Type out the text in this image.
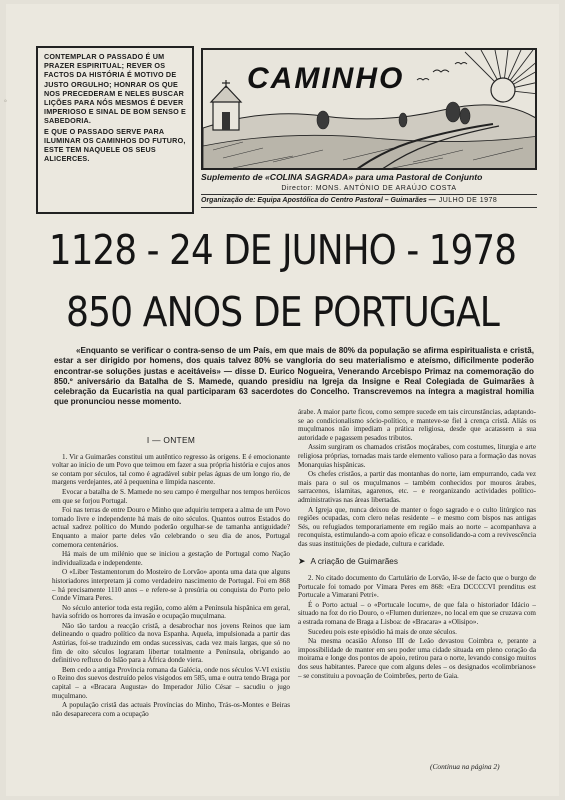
˚

CONTEMPLAR O PASSADO É UM PRAZER ESPIRITUAL; REVER OS FACTOS DA HISTÓRIA É MOTIVO DE JUSTO ORGULHO; HONRAR OS QUE NOS PRECEDERAM E NELES BUSCAR LIÇÕES PARA NÓS MESMOS É DEVER IMPERIOSO E SINAL DE BOM SENSO E SABEDORIA.

E QUE O PASSADO SERVE PARA ILUMINAR OS CAMINHOS DO FUTURO, ESTE TEM NAQUELE OS SEUS ALICERCES.

CAMINHO
Suplemento de «COLINA SAGRADA» para uma Pastoral de Conjunto
Director: MONS. ANTÓNIO DE ARAÚJO COSTA
Organização de: Equipa Apostólica do Centro Pastoral – Guimarães — JULHO DE 1978
1128 - 24 DE JUNHO - 1978
850 ANOS DE PORTUGAL
«Enquanto se verificar o contra-senso de um País, em que mais de 80% da população se afirma espiritualista e cristã, estar a ser dirigido por homens, dos quais talvez 80% se vangloria do seu materialismo e ateísmo, dificilmente poderão encontrar-se soluções justas e aceitáveis» — disse D. Eurico Nogueira, Venerando Arcebispo Primaz na comemoração do 850.º aniversário da Batalha de S. Mamede, quando presidiu na Igreja da Insigne e Real Colegiada de Guimarães à celebração da Eucaristia na qual participaram 63 sacerdotes do Concelho. Transcrevemos na íntegra a magistral homilia que pronunciou nesse momento.
I — ONTEM

1. Vir a Guimarães constitui um autêntico regresso às origens. E é emocionante voltar ao início de um Povo que teimou em fazer a sua própria história e cujos anos se contam por séculos, tal como é agradável subir pelas águas de um longo rio, de margens verdejantes, até à pequenina e límpida nascente.

Evocar a batalha de S. Mamede no seu campo é mergulhar nos tempos heróicos em que se forjou Portugal.

Foi nas terras de entre Douro e Minho que adquiriu tempera a alma de um Povo tornado livre e independente há mais de oito séculos. Quantos outros Estados do actual xadrez político do Mundo poderão orgulhar-se de tamanha antiguidade? Enquanto a maior parte deles vão celebrando o seu dia de anos, Portugal comemora centenários.

Há mais de um milénio que se iniciou a gestação de Portugal como Nação individualizada e independente.

O «Liber Testamentorum do Mosteiro de Lorvão» aponta uma data que alguns historiadores interpretam já como verdadeiro nascimento de Portugal. Foi em 868 – há precisamente 1110 anos – e refere-se à presúria ou conquista do Porto pelo Conde Vímara Peres.

No século anterior toda esta região, como além a Península hispânica em geral, havia sofrido os horrores da invasão e ocupação muçulmana.

Não tão tardou a reacção cristã, a desabrochar nos jovens Reinos que iam delineando o quadro político da nova Espanha. Aquela, impulsionada a partir das Astúrias, foi-se traduzindo em ondas sucessivas, cada vez mais largas, que só no fim de oito séculos lograram libertar totalmente a Península, obrigando ao definitivo refluxo do Islão para a África donde viera.

Bem cedo a antiga Província romana da Galécia, onde nos séculos V-VI existiu o Reino dos suevos destruído pelos visigodos em 585, uma e outra tendo Braga por capital – a «Bracara Augusta» do Imperador Júlio César – sacudiu o jugo muçulmano.

A população cristã das actuais Províncias do Minho, Trás-os-Montes e Beiras não desaparecera com a ocupação

árabe. A maior parte ficou, como sempre sucede em tais circunstâncias, adaptando-se ao condicionalismo sócio-político, e manteve-se fiel à crença cristã. Aliás os muçulmanos não impediam a prática religiosa, desde que acatassem a sua autoridade e pagassem pesados tributos.

Assim surgiram os chamados cristãos moçárabes, com costumes, liturgia e arte religiosa próprias, tornadas mais tarde elemento valioso para a formação das novas Monarquias hispânicas.

Os chefes cristãos, a partir das montanhas do norte, iam empurrando, cada vez mais para o sul os muçulmanos – também conhecidos por mouros árabes, sarracenos, islamitas, agarenos, etc. – e reorganizando actividades político-administrativas nas áreas libertadas.

A Igreja que, nunca deixou de manter o fogo sagrado e o culto litúrgico nas regiões ocupadas, com clero nelas residente – e mesmo com bispos nas antigas Sés, ou refugiados temporariamente em região mais ao norte – acompanhava a reconquista, estimulando-a com apoio eficaz e consolidando-a com a revivescência das suas instituições de piedade, cultura e caridade.

➤ A criação de Guimarães

2. No citado documento do Cartulário de Lorvão, lê-se de facto que o burgo de Portucale foi tomado por Vímara Peres em 868: «Era DCCCCVI prenditus est Portucale a Vimarani Petri».

É o Porto actual – o «Portucale locum», de que fala o historiador Idácio – situado na foz do rio Douro, o «Flumen durienze», no local em que se cruzava com a estrada romana de Braga a Lisboa: de «Bracara» a «Olisipo».

Sucedeu pois este episódio há mais de onze séculos.

Na mesma ocasião Afonso III de Leão devastou Coimbra e, perante a impossibilidade de manter em seu poder uma cidade situada em pleno coração da moirama e longe dos pontos de apoio, retirou para o norte, levando consigo muitos dos seus habitantes. Parece que com alguns deles – os designados «colimbrianos» – se constituiu a povoação de Coimbrões, perto de Gaia.

(Continua na página 2)
